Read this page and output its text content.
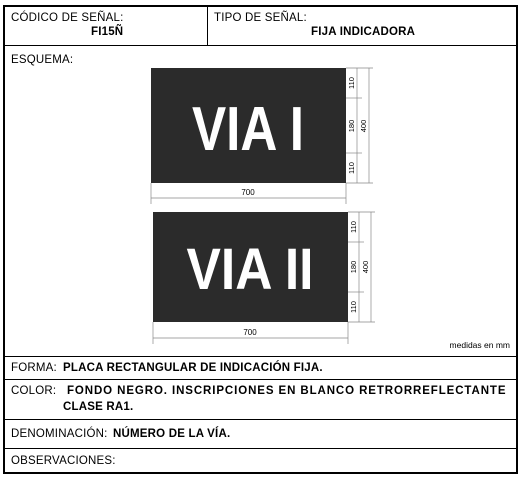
CÓDICO DE SEÑAL:
FI15Ñ
TIPO DE SEÑAL:
FIJA INDICADORA
ESQUEMA:
VIA I
700
110
180
110
400
VIA II
700
110
180
110
400
medidas en mm
FORMA: PLACA RECTANGULAR DE INDICACIÓN FIJA.
COLOR: FONDO NEGRO. INSCRIPCIONES EN BLANCO RETRORREFLECTANTE
CLASE RA1.
DENOMINACIÓN: NÚMERO DE LA VÍA.
OBSERVACIONES:
